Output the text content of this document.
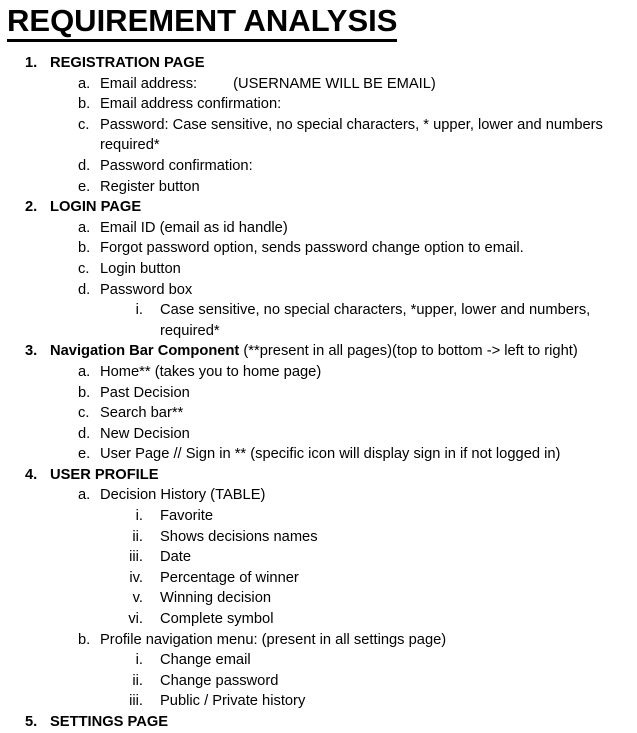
REQUIREMENT ANALYSIS
1. REGISTRATION PAGE
a. Email address: (USERNAME WILL BE EMAIL)
b. Email address confirmation:
c. Password: Case sensitive, no special characters, * upper, lower and numbers required*
d. Password confirmation:
e. Register button
2. LOGIN PAGE
a. Email ID (email as id handle)
b. Forgot password option, sends password change option to email.
c. Login button
d. Password box
i. Case sensitive, no special characters, *upper, lower and numbers, required*
3. Navigation Bar Component (**present in all pages)(top to bottom -> left to right)
a. Home** (takes you to home page)
b. Past Decision
c. Search bar**
d. New Decision
e. User Page // Sign in ** (specific icon will display sign in if not logged in)
4. USER PROFILE
a. Decision History (TABLE)
i. Favorite
ii. Shows decisions names
iii. Date
iv. Percentage of winner
v. Winning decision
vi. Complete symbol
b. Profile navigation menu: (present in all settings page)
i. Change email
ii. Change password
iii. Public / Private history
5. SETTINGS PAGE
